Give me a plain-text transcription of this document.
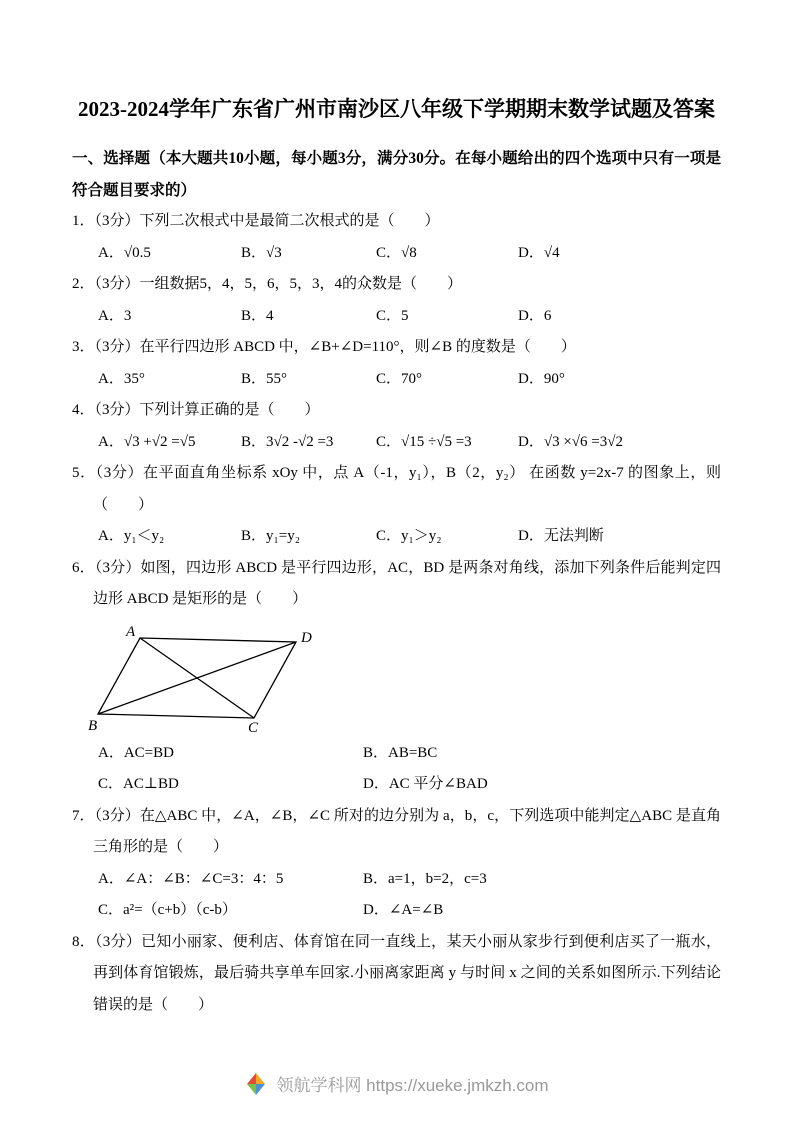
2023-2024学年广东省广州市南沙区八年级下学期期末数学试题及答案
一、选择题（本大题共10小题，每小题3分，满分30分。在每小题给出的四个选项中只有一项是符合题目要求的）
1．（3分）下列二次根式中是最简二次根式的是（　　）
A．√0.5	B．√3	C．√8	D．√4
2．（3分）一组数据5，4，5，6，5，3，4的众数是（　　）
A．3	B．4	C．5	D．6
3．（3分）在平行四边形 ABCD 中，∠B+∠D=110°，则∠B 的度数是（　　）
A．35°	B．55°	C．70°	D．90°
4．（3分）下列计算正确的是（　　）
A．√3 +√2 =√5	B．3√2 -√2 =3	C．√15 ÷√5 =3	D．√3 ×√6 =3√2
5．（3分）在平面直角坐标系 xOy 中，点 A（-1，y₁），B（2，y₂） 在函数 y=2x-7 的图象上，则（　　）
A．y₁＜y₂	B．y₁=y₂	C．y₁＞y₂	D．无法判断
6．（3分）如图，四边形 ABCD 是平行四边形，AC，BD 是两条对角线，添加下列条件后能判定四边形 ABCD 是矩形的是（　　）
A	D
B	C
A．AC=BD	B．AB=BC
C．AC⊥BD	D．AC 平分∠BAD
7．（3分）在△ABC 中，∠A，∠B，∠C 所对的边分别为 a，b，c，下列选项中能判定△ABC 是直角三角形的是（　　）
A．∠A：∠B：∠C=3：4：5	B．a=1，b=2，c=3
C．a²=（c+b）（c-b）	D．∠A=∠B
8．（3分）已知小丽家、便利店、体育馆在同一直线上，某天小丽从家步行到便利店买了一瓶水，再到体育馆锻炼，最后骑共享单车回家.小丽离家距离 y 与时间 x 之间的关系如图所示.下列结论错误的是（　　）
领航学科网 https://xueke.jmkzh.com
